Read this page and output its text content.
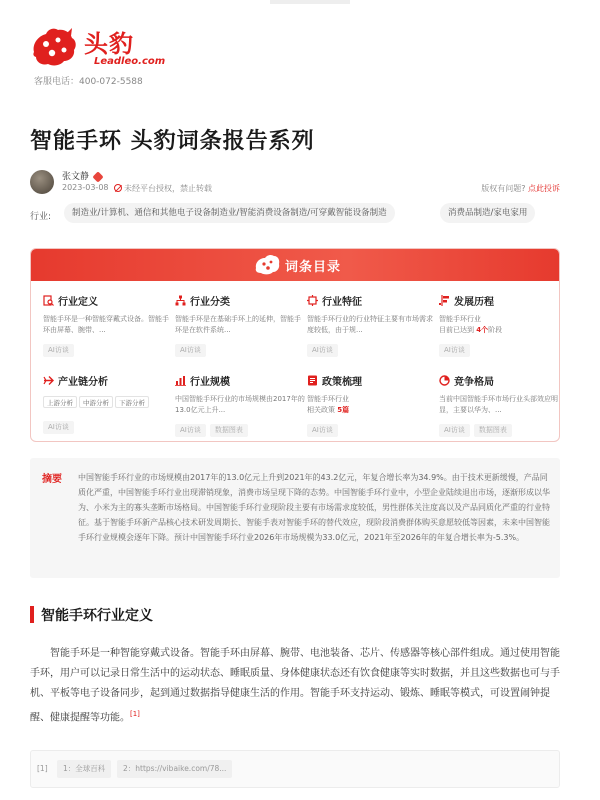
头豹
Leadleo.com
客服电话：400-072-5588
智能手环 头豹词条报告系列
张文静
2023-03-08	未经平台授权，禁止转载	版权有问题? 点此投诉
行业:	制造业/计算机、通信和其他电子设备制造业/智能消费设备制造/可穿戴智能设备制造	消费品制造/家电家用
词条目录
行业定义
智能手环是一种智能穿戴式设备。智能手环由屏幕、腕带、...
AI访谈
行业分类
智能手环是在基础手环上的延伸，智能手环是在软件系统...
AI访谈
行业特征
智能手环行业的行业特征主要有市场需求度较低，由于规...
AI访谈
发展历程
智能手环行业
目前已达到 4个阶段
AI访谈
产业链分析
上游分析 中游分析 下游分析
AI访谈
行业规模
中国智能手环行业的市场规模由2017年的13.0亿元上升...
AI访谈 数据图表
政策梳理
智能手环行业
相关政策 5篇
AI访谈
竞争格局
当前中国智能手环市场行业头部效应明显，主要以华为、...
AI访谈 数据图表
摘要 中国智能手环行业的市场规模由2017年的13.0亿元上升到2021年的43.2亿元，年复合增长率为34.9%。由于技术更新缓慢，产品同质化严重，中国智能手环行业出现滞销现象，消费市场呈现下降的态势。中国智能手环行业中，小型企业陆续退出市场，逐渐形成以华为、小米为主的寡头垄断市场格局。中国智能手环行业现阶段主要有市场需求度较低，男性群体关注度高以及产品同质化严重的行业特征。基于智能手环新产品核心技术研发周期长、智能手表对智能手环的替代效应，现阶段消费群体购买意愿较低等因素，未来中国智能手环行业规模会逐年下降。预计中国智能手环行业2026年市场规模为33.0亿元，2021年至2026年的年复合增长率为-5.3%。
智能手环行业定义
智能手环是一种智能穿戴式设备。智能手环由屏幕、腕带、电池装备、芯片、传感器等核心部件组成。通过使用智能手环，用户可以记录日常生活中的运动状态、睡眠质量、身体健康状态还有饮食健康等实时数据，并且这些数据也可与手机、平板等电子设备同步，起到通过数据指导健康生活的作用。智能手环支持运动、锻炼、睡眠等模式，可设置闹钟提醒、健康提醒等功能。[1]
[1]	1：全球百科	2：https://vibaike.com/78...
